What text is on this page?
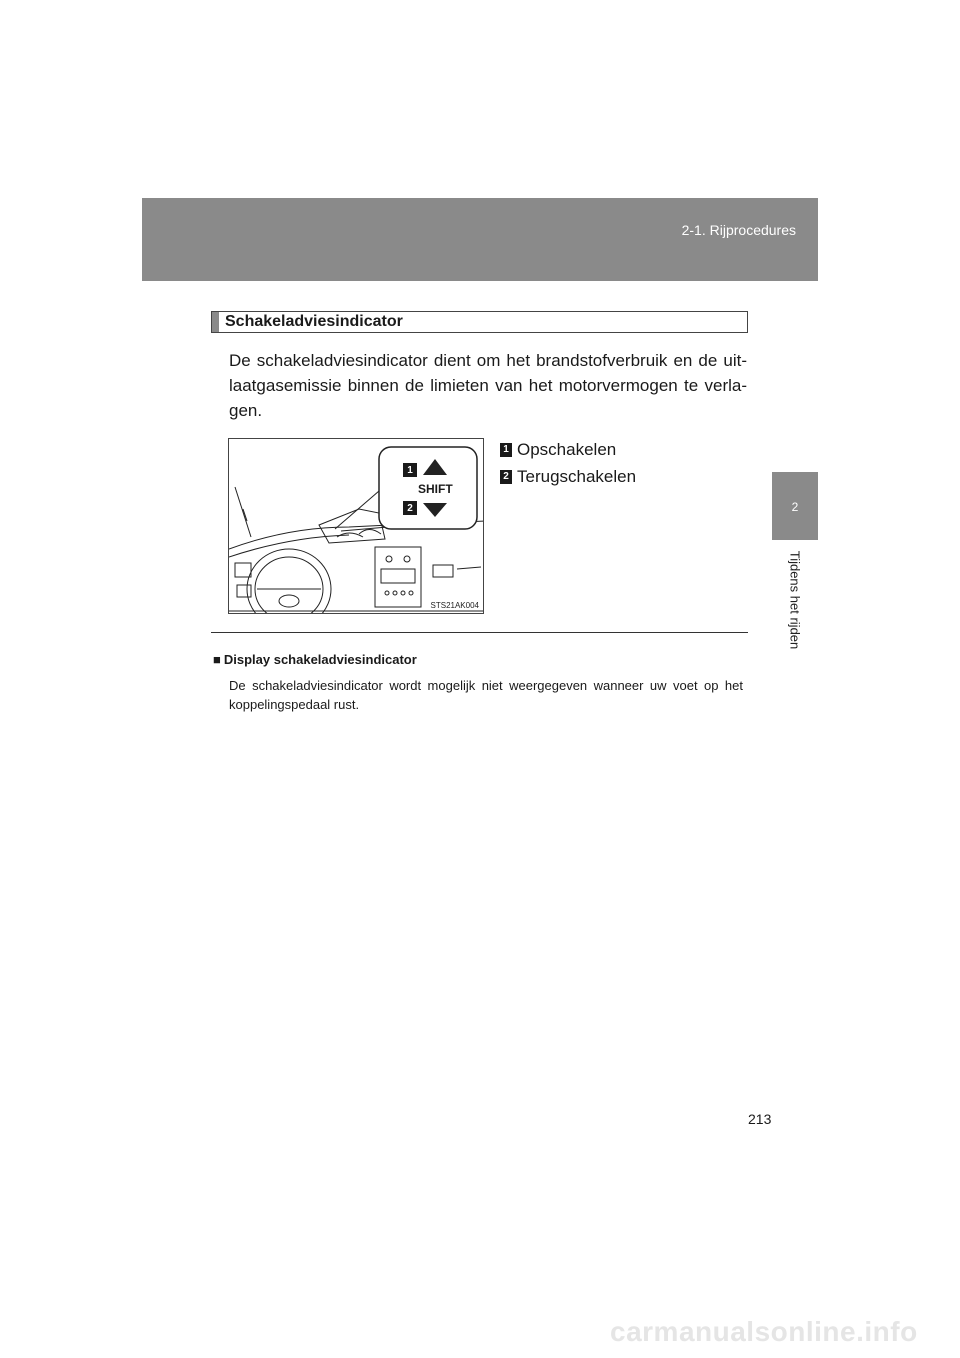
2-1. Rijprocedures
2
Tijdens het rijden
Schakeladviesindicator
De schakeladviesindicator dient om het brandstofverbruik en de uit-laatgasemissie binnen de limieten van het motorvermogen te verla-gen.
1
2
STS21AK004
SHIFT
1 Opschakelen
2 Terugschakelen
■ Display schakeladviesindicator
De schakeladviesindicator wordt mogelijk niet weergegeven wanneer uw voet op het koppelingspedaal rust.
213
carmanualsonline.info
